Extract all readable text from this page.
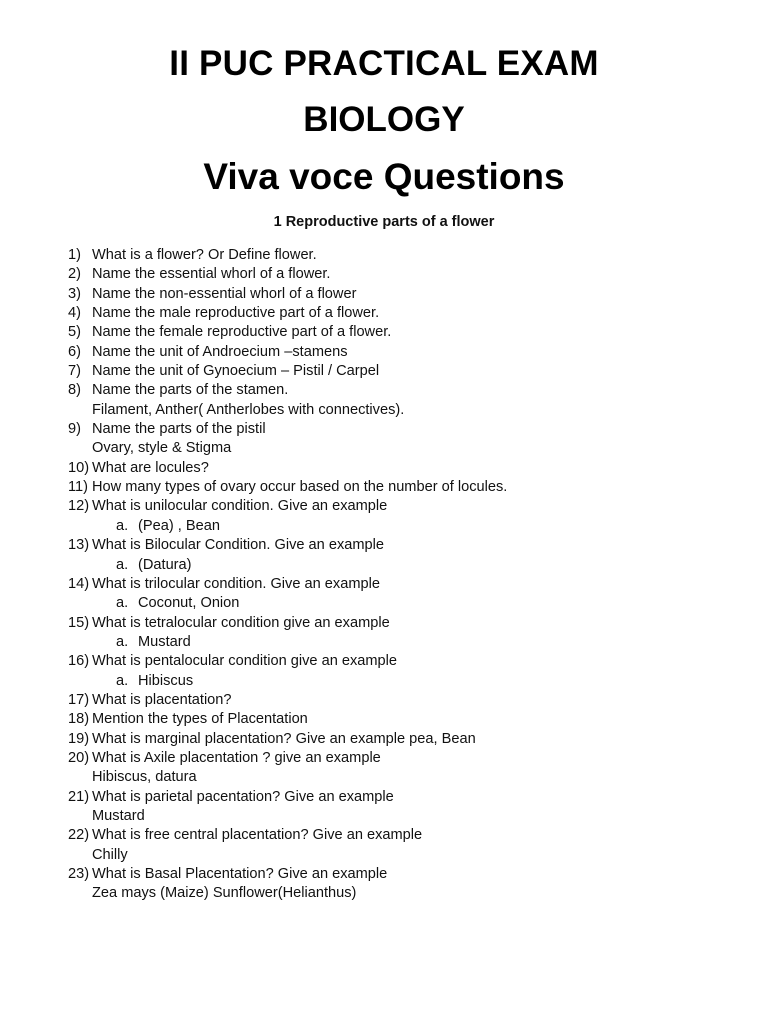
II PUC PRACTICAL EXAM
BIOLOGY
Viva voce Questions
1 Reproductive parts of a flower
1) What is a flower? Or Define flower.
2) Name the essential whorl of a flower.
3) Name the non-essential whorl of a flower
4) Name the male reproductive part of a flower.
5) Name the female reproductive part of a flower.
6) Name the unit of Androecium –stamens
7) Name the unit of Gynoecium – Pistil / Carpel
8) Name the parts of the stamen.
Filament, Anther( Antherlobes with connectives).
9) Name the parts of the pistil
Ovary, style & Stigma
10) What are locules?
11) How many types of ovary occur based on the number of locules.
12) What is unilocular condition. Give an example
a. (Pea) , Bean
13) What is Bilocular Condition. Give an example
a. (Datura)
14) What is trilocular condition. Give an example
a. Coconut, Onion
15) What is tetralocular condition give an example
a. Mustard
16) What is pentalocular condition give an example
a. Hibiscus
17) What is placentation?
18) Mention the types of Placentation
19) What is marginal placentation? Give an example pea, Bean
20) What is Axile placentation ? give an example
Hibiscus, datura
21) What is parietal pacentation? Give an example
Mustard
22) What is free central placentation? Give an example
Chilly
23) What is Basal Placentation? Give an example
Zea mays (Maize) Sunflower(Helianthus)
